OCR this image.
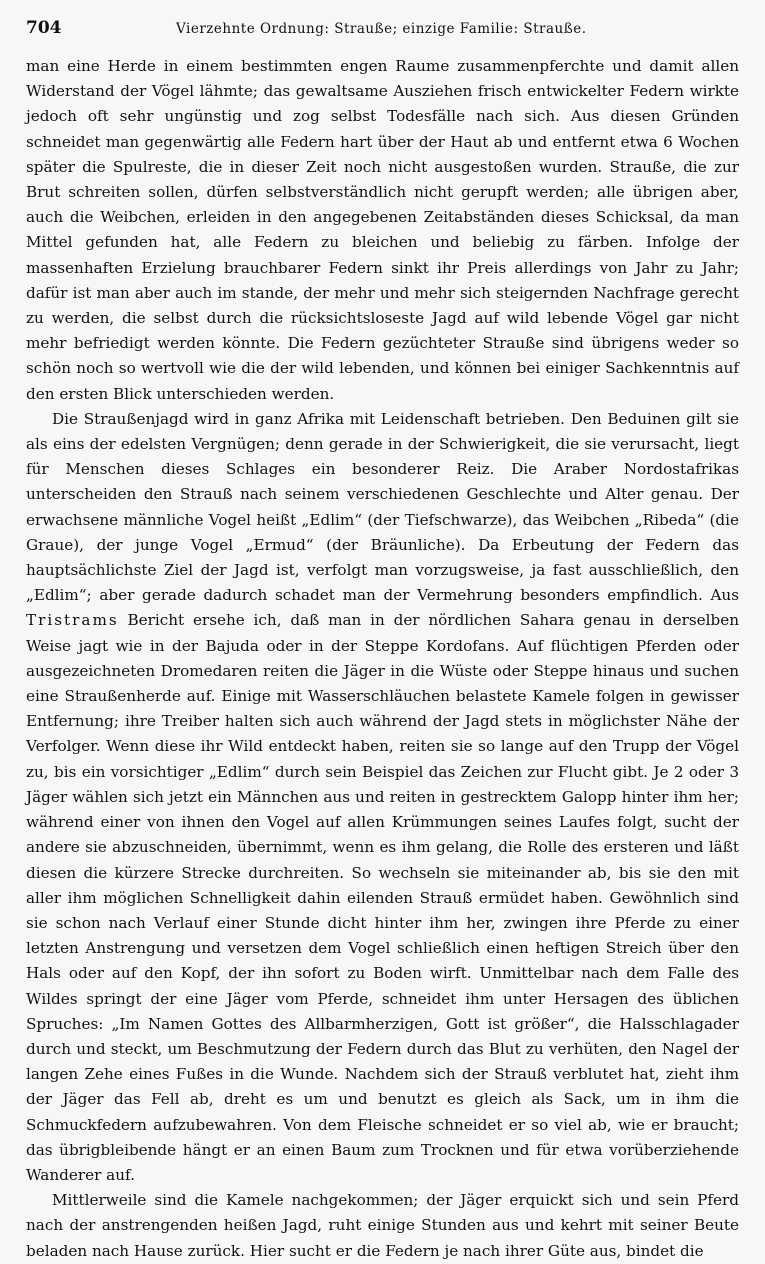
704	Vierzehnte Ordnung: Strauße; einzige Familie: Strauße.

man eine Herde in einem bestimmten engen Raume zusammenpferchte und damit allen Widerstand der Vögel lähmte; das gewaltsame Ausziehen frisch entwickelter Federn wirkte jedoch oft sehr ungünstig und zog selbst Todesfälle nach sich. Aus diesen Gründen schneidet man gegenwärtig alle Federn hart über der Haut ab und entfernt etwa 6 Wochen später die Spulreste, die in dieser Zeit noch nicht ausgestoßen wurden. Strauße, die zur Brut schreiten sollen, dürfen selbstverständlich nicht gerupft werden; alle übrigen aber, auch die Weibchen, erleiden in den angegebenen Zeitabständen dieses Schicksal, da man Mittel gefunden hat, alle Federn zu bleichen und beliebig zu färben. Infolge der massenhaften Erzielung brauchbarer Federn sinkt ihr Preis allerdings von Jahr zu Jahr; dafür ist man aber auch im stande, der mehr und mehr sich steigernden Nachfrage gerecht zu werden, die selbst durch die rücksichtsloseste Jagd auf wild lebende Vögel gar nicht mehr befriedigt werden könnte. Die Federn gezüchteter Strauße sind übrigens weder so schön noch so wertvoll wie die der wild lebenden, und können bei einiger Sachkenntnis auf den ersten Blick unterschieden werden.

Die Straußenjagd wird in ganz Afrika mit Leidenschaft betrieben. Den Beduinen gilt sie als eins der edelsten Vergnügen; denn gerade in der Schwierigkeit, die sie verursacht, liegt für Menschen dieses Schlages ein besonderer Reiz. Die Araber Nordostafrikas unterscheiden den Strauß nach seinem verschiedenen Geschlechte und Alter genau. Der erwachsene männliche Vogel heißt „Edlim“ (der Tiefschwarze), das Weibchen „Ribeda“ (die Graue), der junge Vogel „Ermud“ (der Bräunliche). Da Erbeutung der Federn das hauptsächlichste Ziel der Jagd ist, verfolgt man vorzugsweise, ja fast ausschließlich, den „Edlim“; aber gerade dadurch schadet man der Vermehrung besonders empfindlich. Aus Tristrams Bericht ersehe ich, daß man in der nördlichen Sahara genau in derselben Weise jagt wie in der Bajuda oder in der Steppe Kordofans. Auf flüchtigen Pferden oder ausgezeichneten Dromedaren reiten die Jäger in die Wüste oder Steppe hinaus und suchen eine Straußenherde auf. Einige mit Wasserschläuchen belastete Kamele folgen in gewisser Entfernung; ihre Treiber halten sich auch während der Jagd stets in möglichster Nähe der Verfolger. Wenn diese ihr Wild entdeckt haben, reiten sie so lange auf den Trupp der Vögel zu, bis ein vorsichtiger „Edlim“ durch sein Beispiel das Zeichen zur Flucht gibt. Je 2 oder 3 Jäger wählen sich jetzt ein Männchen aus und reiten in gestrecktem Galopp hinter ihm her; während einer von ihnen den Vogel auf allen Krümmungen seines Laufes folgt, sucht der andere sie abzuschneiden, übernimmt, wenn es ihm gelang, die Rolle des ersteren und läßt diesen die kürzere Strecke durchreiten. So wechseln sie miteinander ab, bis sie den mit aller ihm möglichen Schnelligkeit dahin eilenden Strauß ermüdet haben. Gewöhnlich sind sie schon nach Verlauf einer Stunde dicht hinter ihm her, zwingen ihre Pferde zu einer letzten Anstrengung und versetzen dem Vogel schließlich einen heftigen Streich über den Hals oder auf den Kopf, der ihn sofort zu Boden wirft. Unmittelbar nach dem Falle des Wildes springt der eine Jäger vom Pferde, schneidet ihm unter Hersagen des üblichen Spruches: „Im Namen Gottes des Allbarmherzigen, Gott ist größer“, die Halsschlagader durch und steckt, um Beschmutzung der Federn durch das Blut zu verhüten, den Nagel der langen Zehe eines Fußes in die Wunde. Nachdem sich der Strauß verblutet hat, zieht ihm der Jäger das Fell ab, dreht es um und benutzt es gleich als Sack, um in ihm die Schmuckfedern aufzubewahren. Von dem Fleische schneidet er so viel ab, wie er braucht; das übrigbleibende hängt er an einen Baum zum Trocknen und für etwa vorüberziehende Wanderer auf.

Mittlerweile sind die Kamele nachgekommen; der Jäger erquickt sich und sein Pferd nach der anstrengenden heißen Jagd, ruht einige Stunden aus und kehrt mit seiner Beute beladen nach Hause zurück. Hier sucht er die Federn je nach ihrer Güte aus, bindet die
